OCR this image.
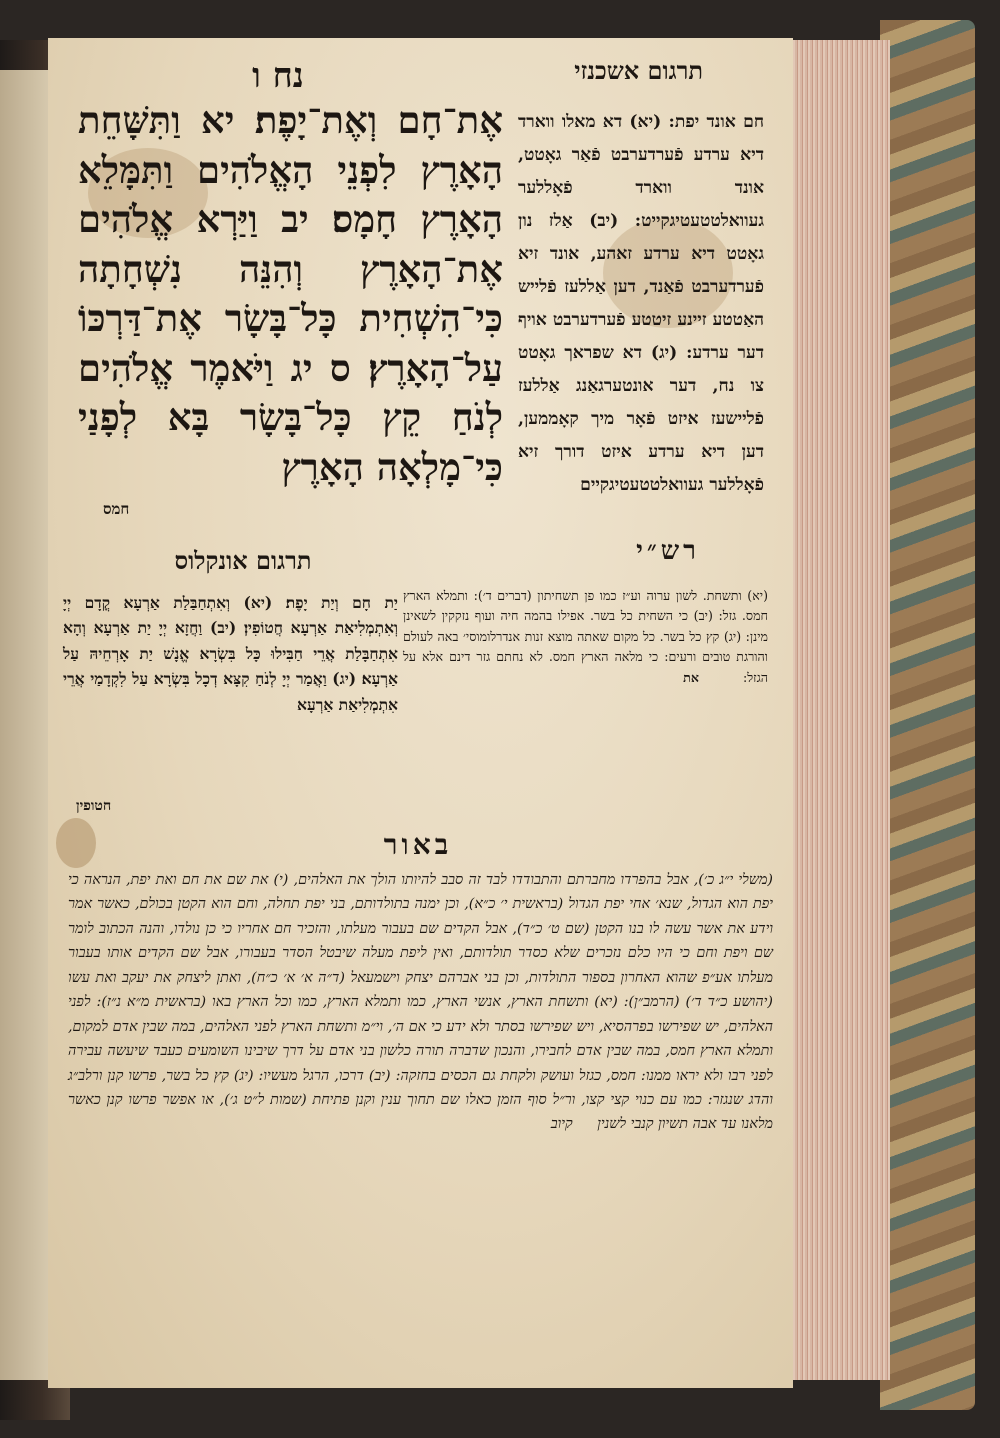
נח ו	תרגום אשכנזי
אֶת־חָם וְאֶת־יָפֶת׃ יא וַתִּשָּׁחֵת הָאָרֶץ לִפְנֵי הָאֱלֹהִים וַתִּמָּלֵא הָאָרֶץ חָמָס׃ יב וַיַּרְא אֱלֹהִים אֶת־הָאָרֶץ וְהִנֵּה נִשְׁחָתָה כִּי־הִשְׁחִית כָּל־בָּשָׂר אֶת־דַּרְכּוֹ עַל־הָאָרֶץ׃ ס יג וַיֹּאמֶר אֱלֹהִים לְנֹחַ קֵץ כָּל־בָּשָׂר בָּא לְפָנַי כִּי־מָלְאָה הָאָרֶץ
חמס
חם אונד יפת: (יא) דא מאלו ווארד דיא ערדע פֿערדערבט פֿאַר גאָטט, אונד ווארד פֿאָללער געוואלטטעטיגקייט: (יב) אַלז נון גאָטט דיא ערדע זאהע, אונד זיא פֿערדערבט פֿאַנד, דען אַללעז פֿלייש האַטטע זיינע זיטטע פֿערדערבט אויף דער ערדע: (יג) דא שפראך גאָטט צו נח, דער אונטערגאַנג אַללעז פֿליישעז איזט פֿאָר מיך קאָממען, דען דיא ערדע איזט דורך זיא פֿאָללער געוואלטטעטיגקיים
רש״י
תרגום אונקלוס
(יא) ותשחת. לשון ערוה וע״ז כמו פן תשחיתון (דברים ד׳): ותמלא הארץ חמס. גזל: (יב) כי השחית כל בשר. אפילו בהמה חיה ועוף נזקקין לשאינן מינן: (יג) קץ כל בשר. כל מקום שאתה מוצא זנות אנדרלומוסי׳ באה לעולם והורגת טובים ורעים: כי מלאה הארץ חמס. לא נחתם גזר דינם אלא על הגזל: את
יַת חָם וְיַת יָפֶת׃ (יא) וְאִתְחַבַּלַת אַרְעָא קֳדָם יְיָ וְאִתְמְלִיאַת אַרְעָא חֲטוֹפִין׃ (יב) וַחֲזָא יְיָ יַת אַרְעָא וְהָא אִתְחַבָּלַת אֲרֵי חַבִּילוּ כָּל בִּשְׂרָא אֱנָשׁ יַת אָרְחֵיהּ עַל אַרְעָא׃ (יג) וַאֲמַר יְיָ לְנֹחַ קִצָּא דְכָל בִּשְׂרָא עַל לִקְדָמַי אֲרֵי אִתְמְלִיאַת אַרְעָא
חטופין
באור
(משלי י״ג כ׳), אבל בהפרדו מחברתם והתבודדו לבד זה סבב להיותו הולך את האלהים, (י) את שם את חם ואת יפת, הנראה כי יפת הוא הגדול, שנא׳ אחי יפת הגדול (בראשית י׳ כ״א), וכן ימנה בתולדותם, בני יפת תחלה, וחם הוא הקטן בכולם, כאשר אמר וידע את אשר עשה לו בנו הקטן (שם ט׳ כ״ד), אבל הקדים שם בעבור מעלתו, והזכיר חם אחריו כי כן נולדו, והנה הכתוב לומר שם ויפת וחם כי היו כלם נזכרים שלא כסדר תולדותם, ואין ליפת מעלה שיבטל הסדר בעבורו, אבל שם הקדים אותו בעבור מעלתו אע״פ שהוא האחרון בספור התולדות, וכן בני אברהם יצחק וישמעאל (ד״ה א׳ א׳ כ״ח), ואתן ליצחק את יעקב ואת עשו (יהושע כ״ד ד׳) (הרמב״ן): (יא) ותשחת הארץ, אנשי הארץ, כמו ותמלא הארץ, כמו וכל הארץ באו (בראשית מ״א נ״ז): לפני האלהים, יש שפירשו בפרהסיא, ויש שפירשו בסתר ולא ידע כי אם ה׳, וי״מ ותשחת הארץ לפני האלהים, במה שבין אדם למקום, ותמלא הארץ חמס, במה שבין אדם לחבירו, והנכון שדברה תורה כלשון בני אדם על דרך שיבינו השומעים כעבד שיעשה עבירה לפני רבו ולא יראו ממנו: חמס, כגזל ועושק ולקחת גם הכסים בחזקה: (יב) דרכו, הרגל מעשיו: (יג) קץ כל בשר, פרשו קנן ורלב״ג והדג שנגזר: כמו עם כנוי קצי קצו, ור״ל סוף הזמן כאלו שם תחוך ענין וקנן פתיחת (שמות ל״ט ג׳), או אפשר פרשו קנן כאשר מלאנו עד אבה תשיון קנבי לשנין קיוב
